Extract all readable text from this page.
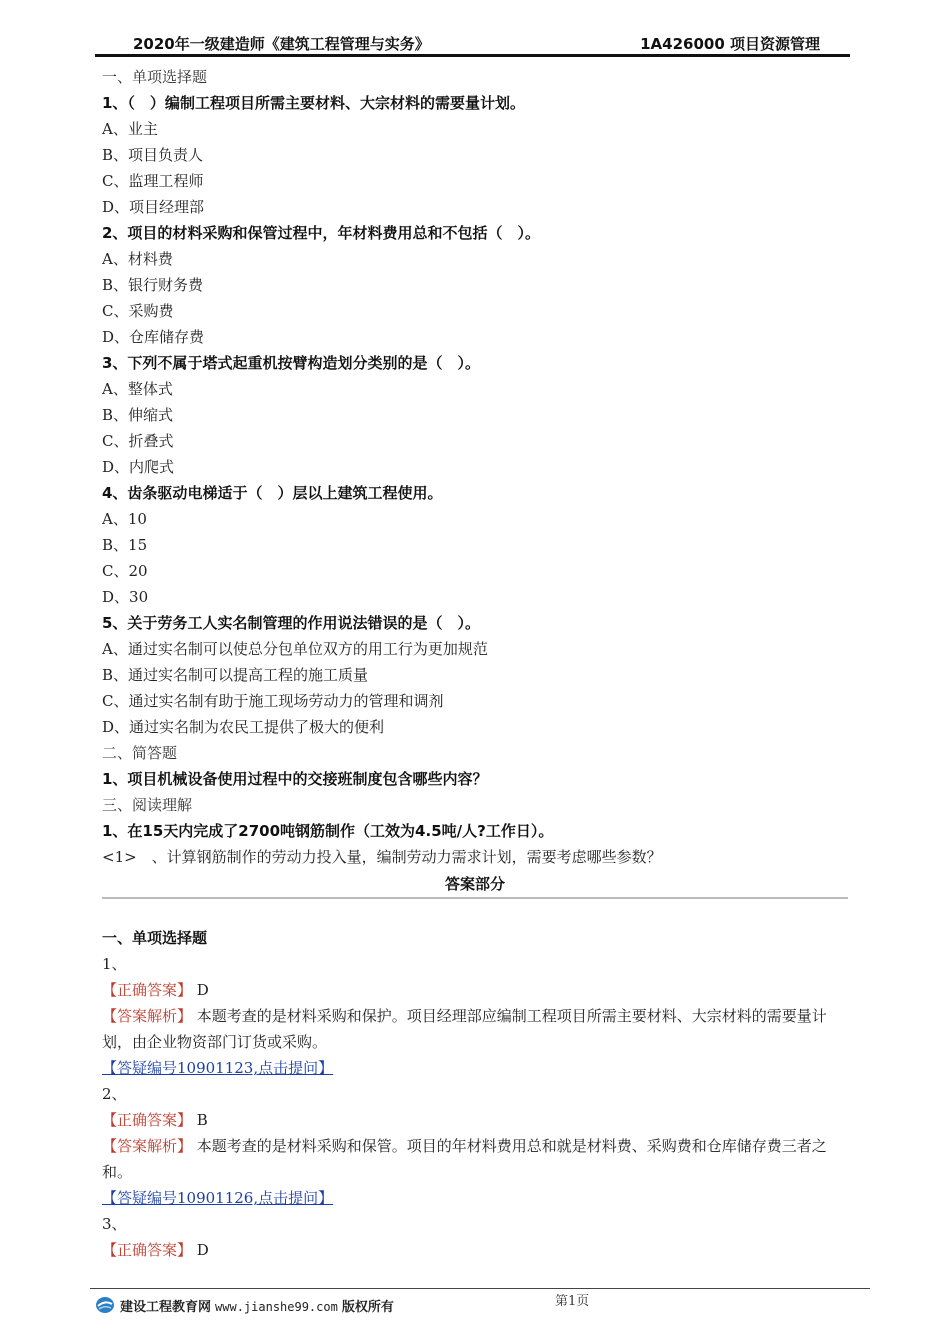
2020年一级建造师《建筑工程管理与实务》	1A426000 项目资源管理
一、单项选择题
1、（　）编制工程项目所需主要材料、大宗材料的需要量计划。
A、业主
B、项目负责人
C、监理工程师
D、项目经理部
2、项目的材料采购和保管过程中，年材料费用总和不包括（　）。
A、材料费
B、银行财务费
C、采购费
D、仓库储存费
3、下列不属于塔式起重机按臂构造划分类别的是（　）。
A、整体式
B、伸缩式
C、折叠式
D、内爬式
4、齿条驱动电梯适于（　）层以上建筑工程使用。
A、10
B、15
C、20
D、30
5、关于劳务工人实名制管理的作用说法错误的是（　）。
A、通过实名制可以使总分包单位双方的用工行为更加规范
B、通过实名制可以提高工程的施工质量
C、通过实名制有助于施工现场劳动力的管理和调剂
D、通过实名制为农民工提供了极大的便利
二、简答题
1、项目机械设备使用过程中的交接班制度包含哪些内容？
三、阅读理解
1、在15天内完成了2700吨钢筋制作（工效为4.5吨/人?工作日）。
<1>　、计算钢筋制作的劳动力投入量，编制劳动力需求计划，需要考虑哪些参数？
答案部分
一、单项选择题
1、
【正确答案】 D
【答案解析】 本题考查的是材料采购和保护。项目经理部应编制工程项目所需主要材料、大宗材料的需要量计划，由企业物资部门订货或采购。
【答疑编号10901123,点击提问】
2、
【正确答案】 B
【答案解析】 本题考查的是材料采购和保管。项目的年材料费用总和就是材料费、采购费和仓库储存费三者之和。
【答疑编号10901126,点击提问】
3、
【正确答案】 D
建设工程教育网 www.jianshe99.com 版权所有	第1页
